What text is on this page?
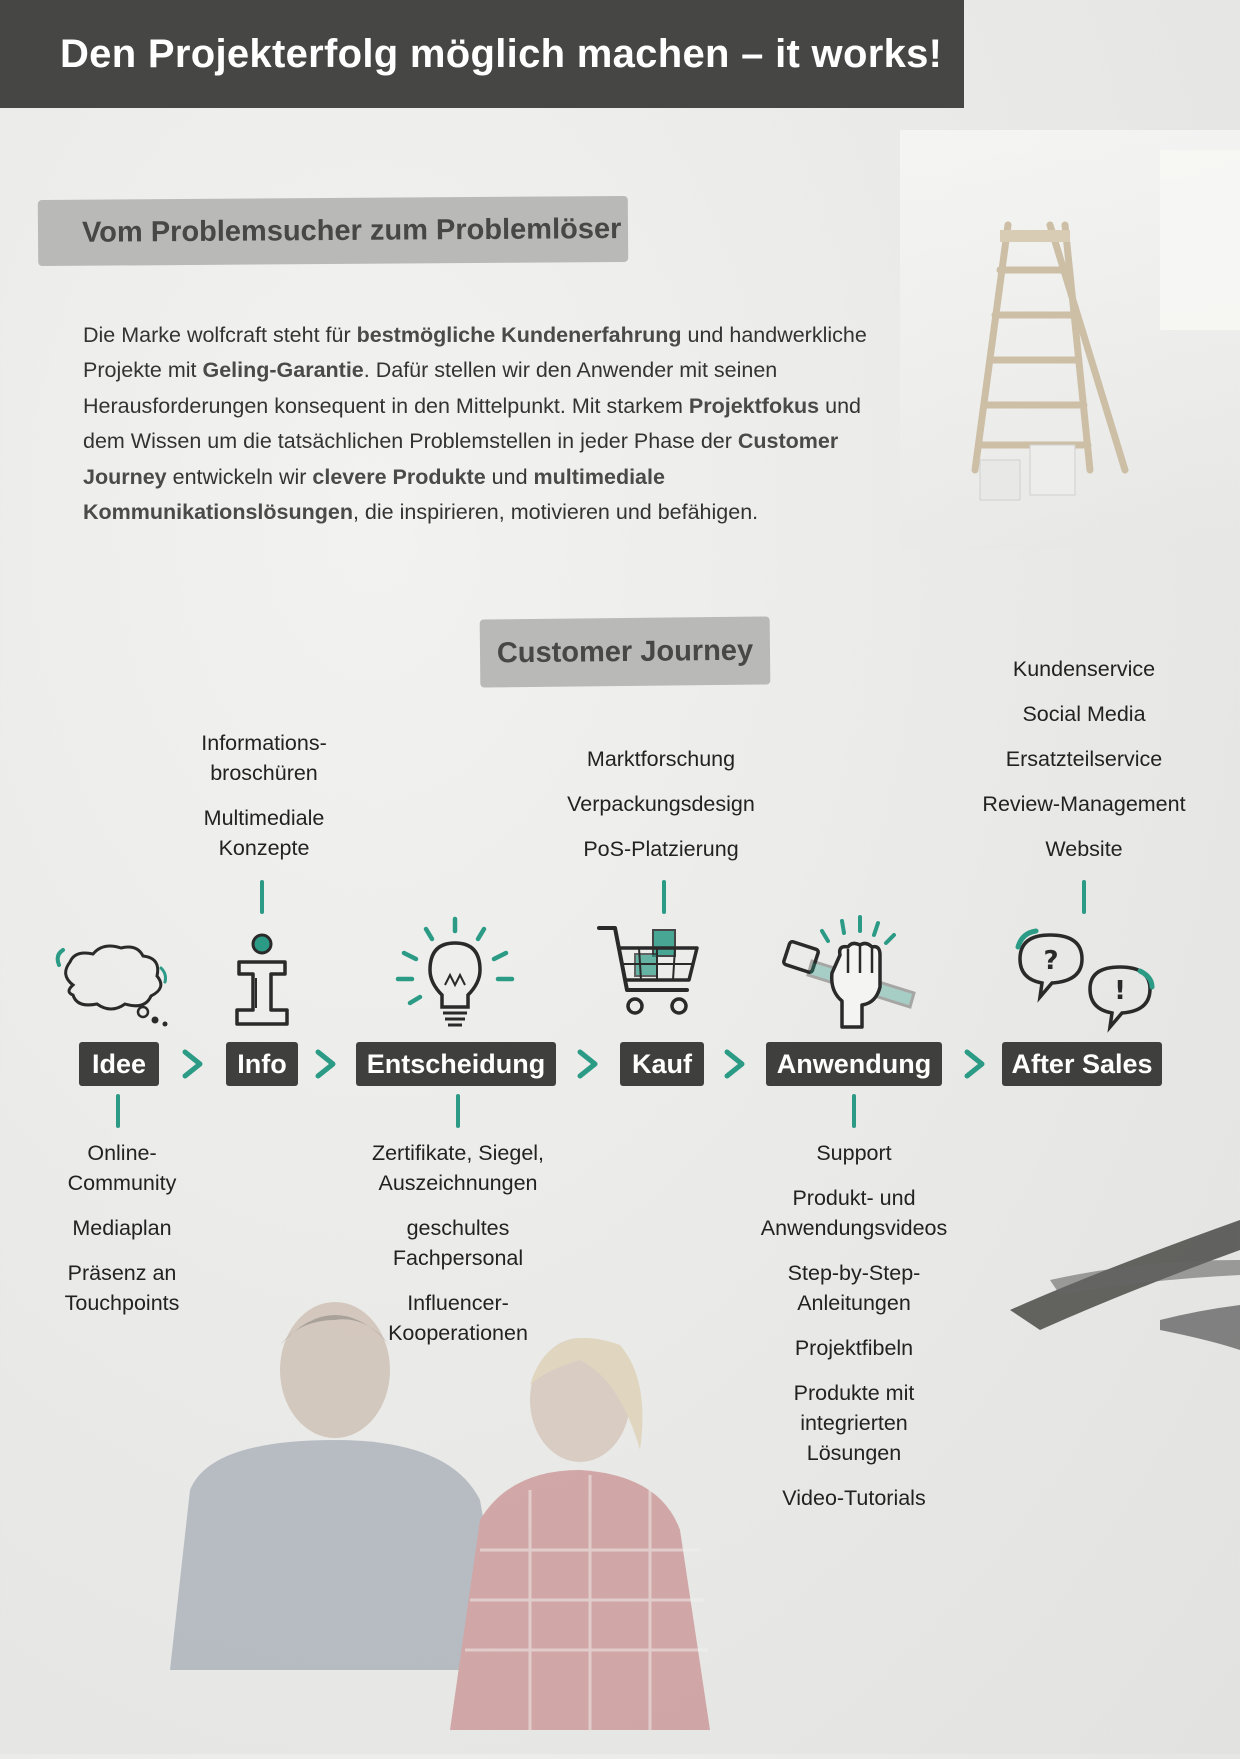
Den Projekterfolg möglich machen – it works!
Vom Problemsucher zum Problemlöser

Die Marke wolfcraft steht für bestmögliche Kundenerfahrung und handwerkliche Projekte mit Geling-Garantie. Dafür stellen wir den Anwender mit seinen Herausforderungen konsequent in den Mittelpunkt. Mit starkem Projektfokus und dem Wissen um die tatsächlichen Problemstellen in jeder Phase der Customer Journey entwickeln wir clevere Produkte und multimediale Kommunikationslösungen, die inspirieren, motivieren und befähigen.

Customer Journey
Idee
Online-
Community
Mediaplan
Präsenz an
Touchpoints
Informations-
broschüren
Multimediale
Konzepte
Info	Entscheidung
Zertifikate, Siegel,
Auszeichnungen
geschultes
Fachpersonal
Influencer-
Kooperationen
Marktforschung
Verpackungsdesign
PoS-Platzierung
Kauf	Anwendung
Support
Produkt- und
Anwendungsvideos
Step-by-Step-
Anleitungen
Projektfibeln
Produkte mit
integrierten
Lösungen
Video-Tutorials
Kundenservice
Social Media
Ersatzteilservice
Review-Management
Website
?
!
After Sales
